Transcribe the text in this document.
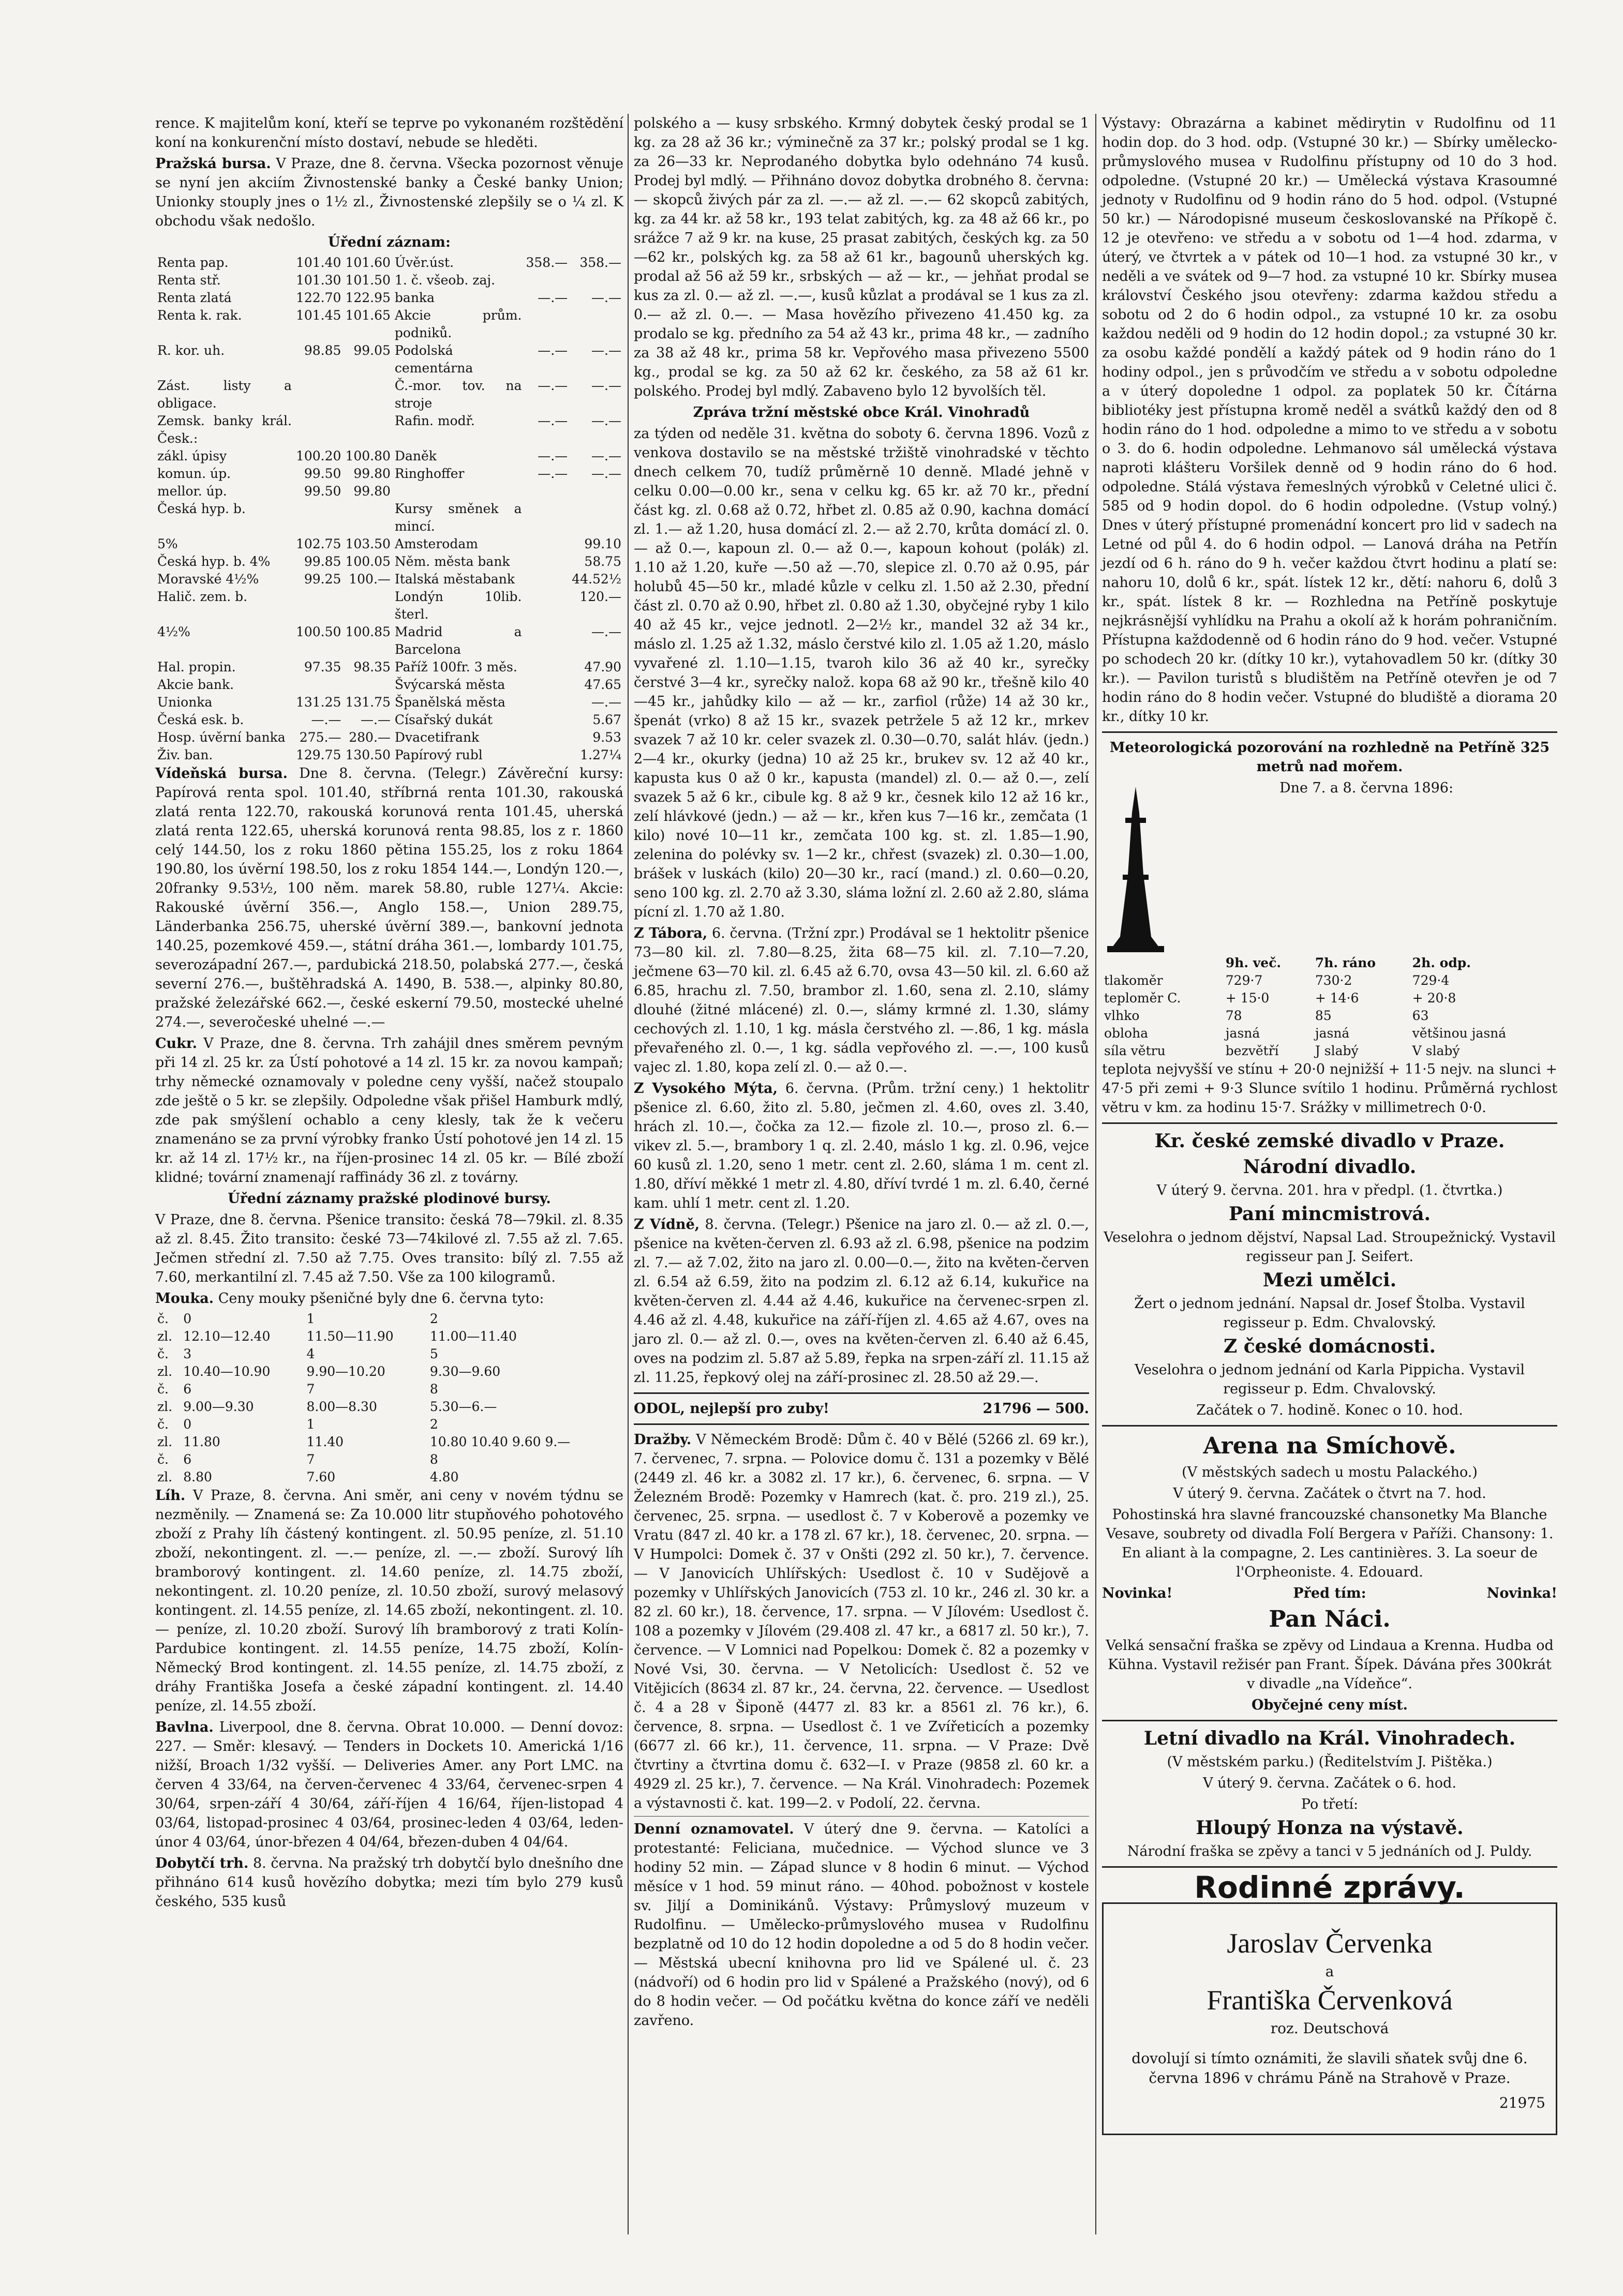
rence. K majitelům koní, kteří se teprve po vykonaném rozštědění koní na konkurenční místo dostaví, nebude se hleděti.

Pražská bursa. V Praze, dne 8. června. Všecka pozornost věnuje se nyní jen akciím Živnostenské banky a České banky Union; Unionky stouply jnes o 1½ zl., Živnostenské zlepšily se o ¼ zl. K obchodu však nedošlo.

Úřední záznam:

Renta pap.	101.40	101.60	Úvěr.úst.	358.—	358.—
Renta stř.	101.30	101.50	1. č. všeob. zaj.		
Renta zlatá	122.70	122.95	banka	—.—	—.—
Renta k. rak.	101.45	101.65	Akcie prům. podniků.		
R. kor. uh.	98.85	99.05	Podolská cementárna	—.—	—.—
Zást. listy a obligace.			Č.-mor. tov. na stroje	—.—	—.—
Zemsk. banky král. Česk.:			Rafin. modř.	—.—	—.—
zákl. úpisy	100.20	100.80	Daněk	—.—	—.—
komun. úp.	99.50	99.80	Ringhoffer	—.—	—.—
mellor. úp.	99.50	99.80			
Česká hyp. b.			Kursy směnek a mincí.		
5%	102.75	103.50	Amsterodam		99.10
Česká hyp. b. 4%	99.85	100.05	Něm. města bank		58.75
Moravské 4½%	99.25	100.—	Italská městabank		44.52½
Halič. zem. b.			Londýn 10lib. šterl.		120.—
4½%	100.50	100.85	Madrid a Barcelona		—.—
Hal. propin.	97.35	98.35	Paříž 100fr. 3 měs.		47.90
Akcie bank.			Švýcarská města		47.65
Unionka	131.25	131.75	Španělská města		—.—
Česká esk. b.	—.—	—.—	Císařský dukát		5.67
Hosp. úvěrní banka	275.—	280.—	Dvacetifrank		9.53
Živ. ban.	129.75	130.50	Papírový rubl		1.27¼

Vídeňská bursa. Dne 8. června. (Telegr.) Závěreční kursy: Papírová renta spol. 101.40, stříbrná renta 101.30, rakouská zlatá renta 122.70, rakouská korunová renta 101.45, uherská zlatá renta 122.65, uherská korunová renta 98.85, los z r. 1860 celý 144.50, los z roku 1860 pětina 155.25, los z roku 1864 190.80, los úvěrní 198.50, los z roku 1854 144.—, Londýn 120.—, 20franky 9.53½, 100 něm. marek 58.80, ruble 127¼. Akcie: Rakouské úvěrní 356.—, Anglo 158.—, Union 289.75, Länderbanka 256.75, uherské úvěrní 389.—, bankovní jednota 140.25, pozemkové 459.—, státní dráha 361.—, lombardy 101.75, severozápadní 267.—, pardubická 218.50, polabská 277.—, česká severní 276.—, buštěhradská A. 1490, B. 538.—, alpinky 80.80, pražské železářské 662.—, české eskerní 79.50, mostecké uhelné 274.—, severočeské uhelné —.—

Cukr. V Praze, dne 8. června. Trh zahájil dnes směrem pevným při 14 zl. 25 kr. za Ústí pohotové a 14 zl. 15 kr. za novou kampaň; trhy německé oznamovaly v poledne ceny vyšší, načež stoupalo zde ještě o 5 kr. se zlepšily. Odpoledne však přišel Hamburk mdlý, zde pak smýšlení ochablo a ceny klesly, tak že k večeru znamenáno se za první výrobky franko Ústí pohotové jen 14 zl. 15 kr. až 14 zl. 17½ kr., na říjen-prosinec 14 zl. 05 kr. — Bílé zboží klidné; tovární znamenají raffinády 36 zl. z továrny.

Úřední záznamy pražské plodinové bursy.

V Praze, dne 8. června. Pšenice transito: česká 78—79kil. zl. 8.35 až zl. 8.45. Žito transito: české 73—74kilové zl. 7.55 až zl. 7.65. Ječmen střední zl. 7.50 až 7.75. Oves transito: bílý zl. 7.55 až 7.60, merkantilní zl. 7.45 až 7.50. Vše za 100 kilogramů.

Mouka. Ceny mouky pšeničné byly dne 6. června tyto:

č.	0	1	2
zl.	12.10—12.40	11.50—11.90	11.00—11.40
č.	3	4	5
zl.	10.40—10.90	9.90—10.20	9.30—9.60
č.	6	7	8
zl.	9.00—9.30	8.00—8.30	5.30—6.—
č.	0	1	2
zl.	11.80	11.40	10.80 10.40 9.60 9.—
č.	6	7	8
zl.	8.80	7.60	4.80

Líh. V Praze, 8. června. Ani směr, ani ceny v novém týdnu se nezměnily. — Znamená se: Za 10.000 litr stupňového pohotového zboží z Prahy líh částený kontingent. zl. 50.95 peníze, zl. 51.10 zboží, nekontingent. zl. —.— peníze, zl. —.— zboží. Surový líh bramborový kontingent. zl. 14.60 peníze, zl. 14.75 zboží, nekontingent. zl. 10.20 peníze, zl. 10.50 zboží, surový melasový kontingent. zl. 14.55 peníze, zl. 14.65 zboží, nekontingent. zl. 10.— peníze, zl. 10.20 zboží. Surový líh bramborový z trati Kolín-Pardubice kontingent. zl. 14.55 peníze, 14.75 zboží, Kolín-Německý Brod kontingent. zl. 14.55 peníze, zl. 14.75 zboží, z dráhy Františka Josefa a české západní kontingent. zl. 14.40 peníze, zl. 14.55 zboží.

Bavlna. Liverpool, dne 8. června. Obrat 10.000. — Denní dovoz: 227. — Směr: klesavý. — Tenders in Dockets 10. Americká 1/16 nižší, Broach 1/32 vyšší. — Deliveries Amer. any Port LMC. na červen 4 33/64, na červen-červenec 4 33/64, červenec-srpen 4 30/64, srpen-září 4 30/64, září-říjen 4 16/64, říjen-listopad 4 03/64, listopad-prosinec 4 03/64, prosinec-leden 4 03/64, leden-únor 4 03/64, únor-březen 4 04/64, březen-duben 4 04/64.

Dobytčí trh. 8. června. Na pražský trh dobytčí bylo dnešního dne přihnáno 614 kusů hovězího dobytka; mezi tím bylo 279 kusů českého, 535 kusů

polského a — kusy srbského. Krmný dobytek český prodal se 1 kg. za 28 až 36 kr.; výminečně za 37 kr.; polský prodal se 1 kg. za 26—33 kr. Neprodaného dobytka bylo odehnáno 74 kusů. Prodej byl mdlý. — Přihnáno dovoz dobytka drobného 8. června: — skopců živých pár za zl. —.— až zl. —.— 62 skopců zabitých, kg. za 44 kr. až 58 kr., 193 telat zabitých, kg. za 48 až 66 kr., po srážce 7 až 9 kr. na kuse, 25 prasat zabitých, českých kg. za 50—62 kr., polských kg. za 58 až 61 kr., bagounů uherských kg. prodal až 56 až 59 kr., srbských — až — kr., — jehňat prodal se kus za zl. 0.— až zl. —.—, kusů kůzlat a prodával se 1 kus za zl. 0.— až zl. 0.—. — Masa hovězího přivezeno 41.450 kg. za prodalo se kg. předního za 54 až 43 kr., prima 48 kr., — zadního za 38 až 48 kr., prima 58 kr. Vepřového masa přivezeno 5500 kg., prodal se kg. za 50 až 62 kr. českého, za 58 až 61 kr. polského. Prodej byl mdlý. Zabaveno bylo 12 byvolších těl.

Zpráva tržní městské obce Král. Vinohradů

za týden od neděle 31. května do soboty 6. června 1896. Vozů z venkova dostavilo se na městské tržiště vinohradské v těchto dnech celkem 70, tudíž průměrně 10 denně. Mladé jehně v celku 0.00—0.00 kr., sena v celku kg. 65 kr. až 70 kr., přední část kg. zl. 0.68 až 0.72, hřbet zl. 0.85 až 0.90, kachna domácí zl. 1.— až 1.20, husa domácí zl. 2.— až 2.70, krůta domácí zl. 0.— až 0.—, kapoun zl. 0.— až 0.—, kapoun kohout (polák) zl. 1.10 až 1.20, kuře —.50 až —.70, slepice zl. 0.70 až 0.95, pár holubů 45—50 kr., mladé kůzle v celku zl. 1.50 až 2.30, přední část zl. 0.70 až 0.90, hřbet zl. 0.80 až 1.30, obyčejné ryby 1 kilo 40 až 45 kr., vejce jednotl. 2—2½ kr., mandel 32 až 34 kr., máslo zl. 1.25 až 1.32, máslo čerstvé kilo zl. 1.05 až 1.20, máslo vyvařené zl. 1.10—1.15, tvaroh kilo 36 až 40 kr., syrečky čerstvé 3—4 kr., syrečky nalož. kopa 68 až 90 kr., třešně kilo 40—45 kr., jahůdky kilo — až — kr., zarfiol (růže) 14 až 30 kr., špenát (vrko) 8 až 15 kr., svazek petržele 5 až 12 kr., mrkev svazek 7 až 10 kr. celer svazek zl. 0.30—0.70, salát hláv. (jedn.) 2—4 kr., okurky (jedna) 10 až 25 kr., brukev sv. 12 až 40 kr., kapusta kus 0 až 0 kr., kapusta (mandel) zl. 0.— až 0.—, zelí svazek 5 až 6 kr., cibule kg. 8 až 9 kr., česnek kilo 12 až 16 kr., zelí hlávkové (jedn.) — až — kr., křen kus 7—16 kr., zemčata (1 kilo) nové 10—11 kr., zemčata 100 kg. st. zl. 1.85—1.90, zelenina do polévky sv. 1—2 kr., chřest (svazek) zl. 0.30—1.00, brášek v luskách (kilo) 20—30 kr., rací (mand.) zl. 0.60—0.20, seno 100 kg. zl. 2.70 až 3.30, sláma ložní zl. 2.60 až 2.80, sláma pícní zl. 1.70 až 1.80.

Z Tábora, 6. června. (Tržní zpr.) Prodával se 1 hektolitr pšenice 73—80 kil. zl. 7.80—8.25, žita 68—75 kil. zl. 7.10—7.20, ječmene 63—70 kil. zl. 6.45 až 6.70, ovsa 43—50 kil. zl. 6.60 až 6.85, hrachu zl. 7.50, brambor zl. 1.60, sena zl. 2.10, slámy dlouhé (žitné mlácené) zl. 0.—, slámy krmné zl. 1.30, slámy cechových zl. 1.10, 1 kg. másla čerstvého zl. —.86, 1 kg. másla převařeného zl. 0.—, 1 kg. sádla vepřového zl. —.—, 100 kusů vajec zl. 1.80, kopa zelí zl. 0.— až 0.—.

Z Vysokého Mýta, 6. června. (Prům. tržní ceny.) 1 hektolitr pšenice zl. 6.60, žito zl. 5.80, ječmen zl. 4.60, oves zl. 3.40, hrách zl. 10.—, čočka za 12.— fizole zl. 10.—, proso zl. 6.— vikev zl. 5.—, brambory 1 q. zl. 2.40, máslo 1 kg. zl. 0.96, vejce 60 kusů zl. 1.20, seno 1 metr. cent zl. 2.60, sláma 1 m. cent zl. 1.80, dříví měkké 1 metr zl. 4.80, dříví tvrdé 1 m. zl. 6.40, černé kam. uhlí 1 metr. cent zl. 1.20.

Z Vídně, 8. června. (Telegr.) Pšenice na jaro zl. 0.— až zl. 0.—, pšenice na květen-červen zl. 6.93 až zl. 6.98, pšenice na podzim zl. 7.— až 7.02, žito na jaro zl. 0.00—0.—, žito na květen-červen zl. 6.54 až 6.59, žito na podzim zl. 6.12 až 6.14, kukuřice na květen-červen zl. 4.44 až 4.46, kukuřice na červenec-srpen zl. 4.46 až zl. 4.48, kukuřice na září-říjen zl. 4.65 až 4.67, oves na jaro zl. 0.— až zl. 0.—, oves na květen-červen zl. 6.40 až 6.45, oves na podzim zl. 5.87 až 5.89, řepka na srpen-září zl. 11.15 až zl. 11.25, řepkový olej na září-prosinec zl. 28.50 až 29.—.

ODOL, nejlepší pro zuby!	21796 — 500.

Dražby. V Německém Brodě: Dům č. 40 v Bělé (5266 zl. 69 kr.), 7. červenec, 7. srpna. — Polovice domu č. 131 a pozemky v Bělé (2449 zl. 46 kr. a 3082 zl. 17 kr.), 6. červenec, 6. srpna. — V Železném Brodě: Pozemky v Hamrech (kat. č. pro. 219 zl.), 25. červenec, 25. srpna. — usedlost č. 7 v Koberově a pozemky ve Vratu (847 zl. 40 kr. a 178 zl. 67 kr.), 18. červenec, 20. srpna. — V Humpolci: Domek č. 37 v Onšti (292 zl. 50 kr.), 7. července. — V Janovicích Uhlířských: Usedlost č. 10 v Sudějově a pozemky v Uhlířských Janovicích (753 zl. 10 kr., 246 zl. 30 kr. a 82 zl. 60 kr.), 18. července, 17. srpna. — V Jílovém: Usedlost č. 108 a pozemky v Jílovém (29.408 zl. 47 kr., a 6817 zl. 50 kr.), 7. července. — V Lomnici nad Popelkou: Domek č. 82 a pozemky v Nové Vsi, 30. června. — V Netolicích: Usedlost č. 52 ve Vitějicích (8634 zl. 87 kr., 24. června, 22. července. — Usedlost č. 4 a 28 v Šiponě (4477 zl. 83 kr. a 8561 zl. 76 kr.), 6. července, 8. srpna. — Usedlost č. 1 ve Zvířeticích a pozemky (6677 zl. 66 kr.), 11. července, 11. srpna. — V Praze: Dvě čtvrtiny a čtvrtina domu č. 632—I. v Praze (9858 zl. 60 kr. a 4929 zl. 25 kr.), 7. července. — Na Král. Vinohradech: Pozemek a výstavnosti č. kat. 199—2. v Podolí, 22. června.

Denní oznamovatel. V úterý dne 9. června. — Katolíci a protestanté: Feliciana, mučednice. — Východ slunce ve 3 hodiny 52 min. — Západ slunce v 8 hodin 6 minut. — Východ měsíce v 1 hod. 59 minut ráno. — 40hod. pobožnost v kostele sv. Jiljí a Dominikánů. Výstavy: Průmyslový muzeum v Rudolfinu. — Umělecko-průmyslového musea v Rudolfinu bezplatně od 10 do 12 hodin dopoledne a od 5 do 8 hodin večer. — Městská ubecní knihovna pro lid ve Spálené ul. č. 23 (nádvoří) od 6 hodin pro lid v Spálené a Pražského (nový), od 6 do 8 hodin večer. — Od počátku května do konce září ve neděli zavřeno.

Výstavy: Obrazárna a kabinet mědirytin v Rudolfinu od 11 hodin dop. do 3 hod. odp. (Vstupné 30 kr.) — Sbírky umělecko-průmyslového musea v Rudolfinu přístupny od 10 do 3 hod. odpoledne. (Vstupné 20 kr.) — Umělecká výstava Krasoumné jednoty v Rudolfinu od 9 hodin ráno do 5 hod. odpol. (Vstupné 50 kr.) — Národopisné museum českoslovanské na Příkopě č. 12 je otevřeno: ve středu a v sobotu od 1—4 hod. zdarma, v úterý, ve čtvrtek a v pátek od 10—1 hod. za vstupné 30 kr., v neděli a ve svátek od 9—7 hod. za vstupné 10 kr. Sbírky musea království Českého jsou otevřeny: zdarma každou středu a sobotu od 2 do 6 hodin odpol., za vstupné 10 kr. za osobu každou neděli od 9 hodin do 12 hodin dopol.; za vstupné 30 kr. za osobu každé pondělí a každý pátek od 9 hodin ráno do 1 hodiny odpol., jen s průvodčím ve středu a v sobotu odpoledne a v úterý dopoledne 1 odpol. za poplatek 50 kr. Čítárna bibliotéky jest přístupna kromě neděl a svátků každý den od 8 hodin ráno do 1 hod. odpoledne a mimo to ve středu a v sobotu o 3. do 6. hodin odpoledne. Lehmanovo sál umělecká výstava naproti klášteru Voršilek denně od 9 hodin ráno do 6 hod. odpoledne. Stálá výstava řemeslných výrobků v Celetné ulici č. 585 od 9 hodin dopol. do 6 hodin odpoledne. (Vstup volný.) Dnes v úterý přístupné promenádní koncert pro lid v sadech na Letné od půl 4. do 6 hodin odpol. — Lanová dráha na Petřín jezdí od 6 h. ráno do 9 h. večer každou čtvrt hodinu a platí se: nahoru 10, dolů 6 kr., spát. lístek 12 kr., dětí: nahoru 6, dolů 3 kr., spát. lístek 8 kr. — Rozhledna na Petříně poskytuje nejkrásnější vyhlídku na Prahu a okolí až k horám pohraničním. Přístupna každodenně od 6 hodin ráno do 9 hod. večer. Vstupné po schodech 20 kr. (dítky 10 kr.), vytahovadlem 50 kr. (dítky 30 kr.). — Pavilon turistů s bludištěm na Petříně otevřen je od 7 hodin ráno do 8 hodin večer. Vstupné do bludiště a diorama 20 kr., dítky 10 kr.

Meteorologická pozorování na rozhledně na Petříně 325 metrů nad mořem.

Dne 7. a 8. června 1896:

	9h. več.	7h. ráno	2h. odp.
tlakoměr	729·7	730·2	729·4
teploměr C.	+ 15·0	+ 14·6	+ 20·8
vlhko	78	85	63
obloha	jasná	jasná	většinou jasná
síla větru	bezvětří	J slabý	V slabý

teplota nejvyšší ve stínu + 20·0 nejnižší + 11·5 nejv. na slunci + 47·5 při zemi + 9·3 Slunce svítilo 1 hodinu. Průměrná rychlost větru v km. za hodinu 15·7. Srážky v millimetrech 0·0.

Kr. české zemské divadlo v Praze.

Národní divadlo.

V úterý 9. června. 201. hra v předpl. (1. čtvrtka.)

Paní mincmistrová.

Veselohra o jednom dějství, Napsal Lad. Stroupežnický. Vystavil regisseur pan J. Seifert.

Mezi umělci.

Žert o jednom jednání. Napsal dr. Josef Štolba. Vystavil regisseur p. Edm. Chvalovský.

Z české domácnosti.

Veselohra o jednom jednání od Karla Pippicha. Vystavil regisseur p. Edm. Chvalovský.

Začátek o 7. hodině. Konec o 10. hod.

Arena na Smíchově.

(V městských sadech u mostu Palackého.)

V úterý 9. června. Začátek o čtvrt na 7. hod.

Pohostinská hra slavné francouzské chansonetky Ma Blanche Vesave, soubrety od divadla Folí Bergera v Paříži. Chansony: 1. En aliant à la compagne, 2. Les cantinières. 3. La soeur de l'Orpheoniste. 4. Edouard.

Novinka!	Před tím:	Novinka!

Pan Náci.

Velká sensační fraška se zpěvy od Lindaua a Krenna. Hudba od Kühna. Vystavil režisér pan Frant. Šípek. Dávána přes 300krát v divadle „na Vídeňce“.

Obyčejné ceny míst.

Letní divadlo na Král. Vinohradech.

(V městském parku.) (Ředitelstvím J. Pištěka.)

V úterý 9. června. Začátek o 6. hod.

Po třetí:

Hloupý Honza na výstavě.

Národní fraška se zpěvy a tanci v 5 jednáních od J. Puldy.

Rodinné zprávy.
Jaroslav Červenka
a
Františka Červenková
roz. Deutschová
dovolují si tímto oznámiti, že slavili sňatek svůj dne 6. června 1896 v chrámu Páně na Strahově v Praze.
21975
